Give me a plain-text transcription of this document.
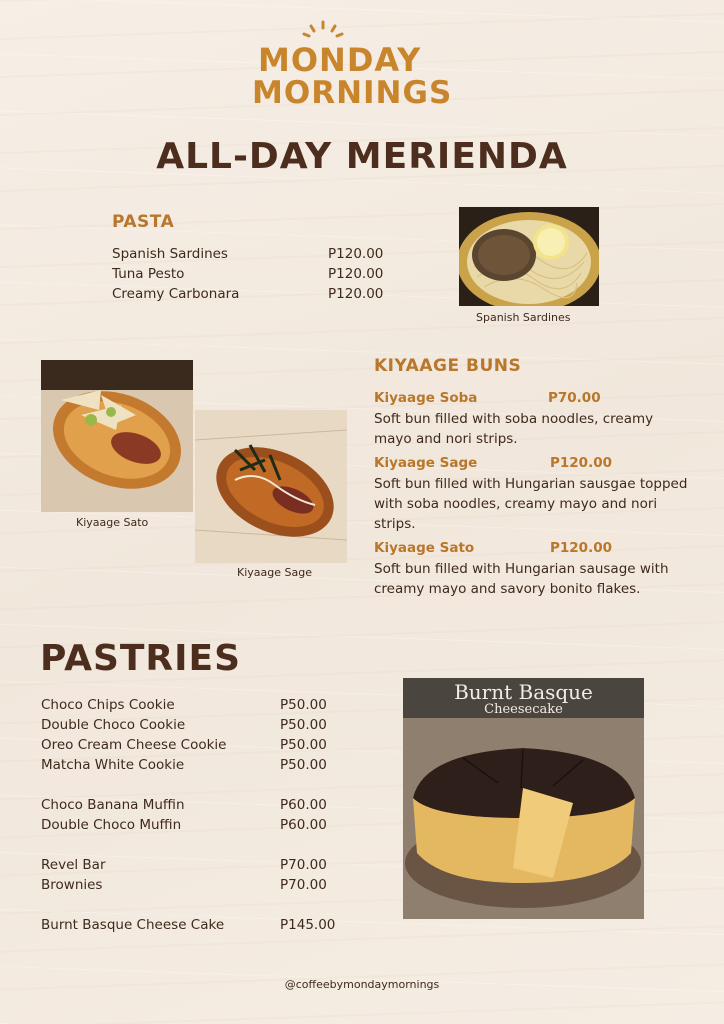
MONDAY
MORNINGS
ALL-DAY MERIENDA
PASTA
Spanish Sardines	P120.00
Tuna Pesto	P120.00
Creamy Carbonara	P120.00
Spanish Sardines
Kiyaage Sato
Kiyaage Sage
KIYAAGE BUNS
Kiyaage Soba	P70.00
Soft bun filled with soba noodles, creamy mayo and nori strips.
Kiyaage Sage	P120.00
Soft bun filled with Hungarian sausgae topped with soba noodles, creamy mayo and nori strips.
Kiyaage Sato	P120.00
Soft bun filled with Hungarian sausage with creamy mayo and savory bonito flakes.
PASTRIES
Choco Chips Cookie	P50.00
Double Choco Cookie	P50.00
Oreo Cream Cheese Cookie	P50.00
Matcha White Cookie	P50.00
Choco Banana Muffin	P60.00
Double Choco Muffin	P60.00
Revel Bar	P70.00
Brownies	P70.00
Burnt Basque Cheese Cake	P145.00
Burnt Basque
Cheesecake
@coffeebymondaymornings
